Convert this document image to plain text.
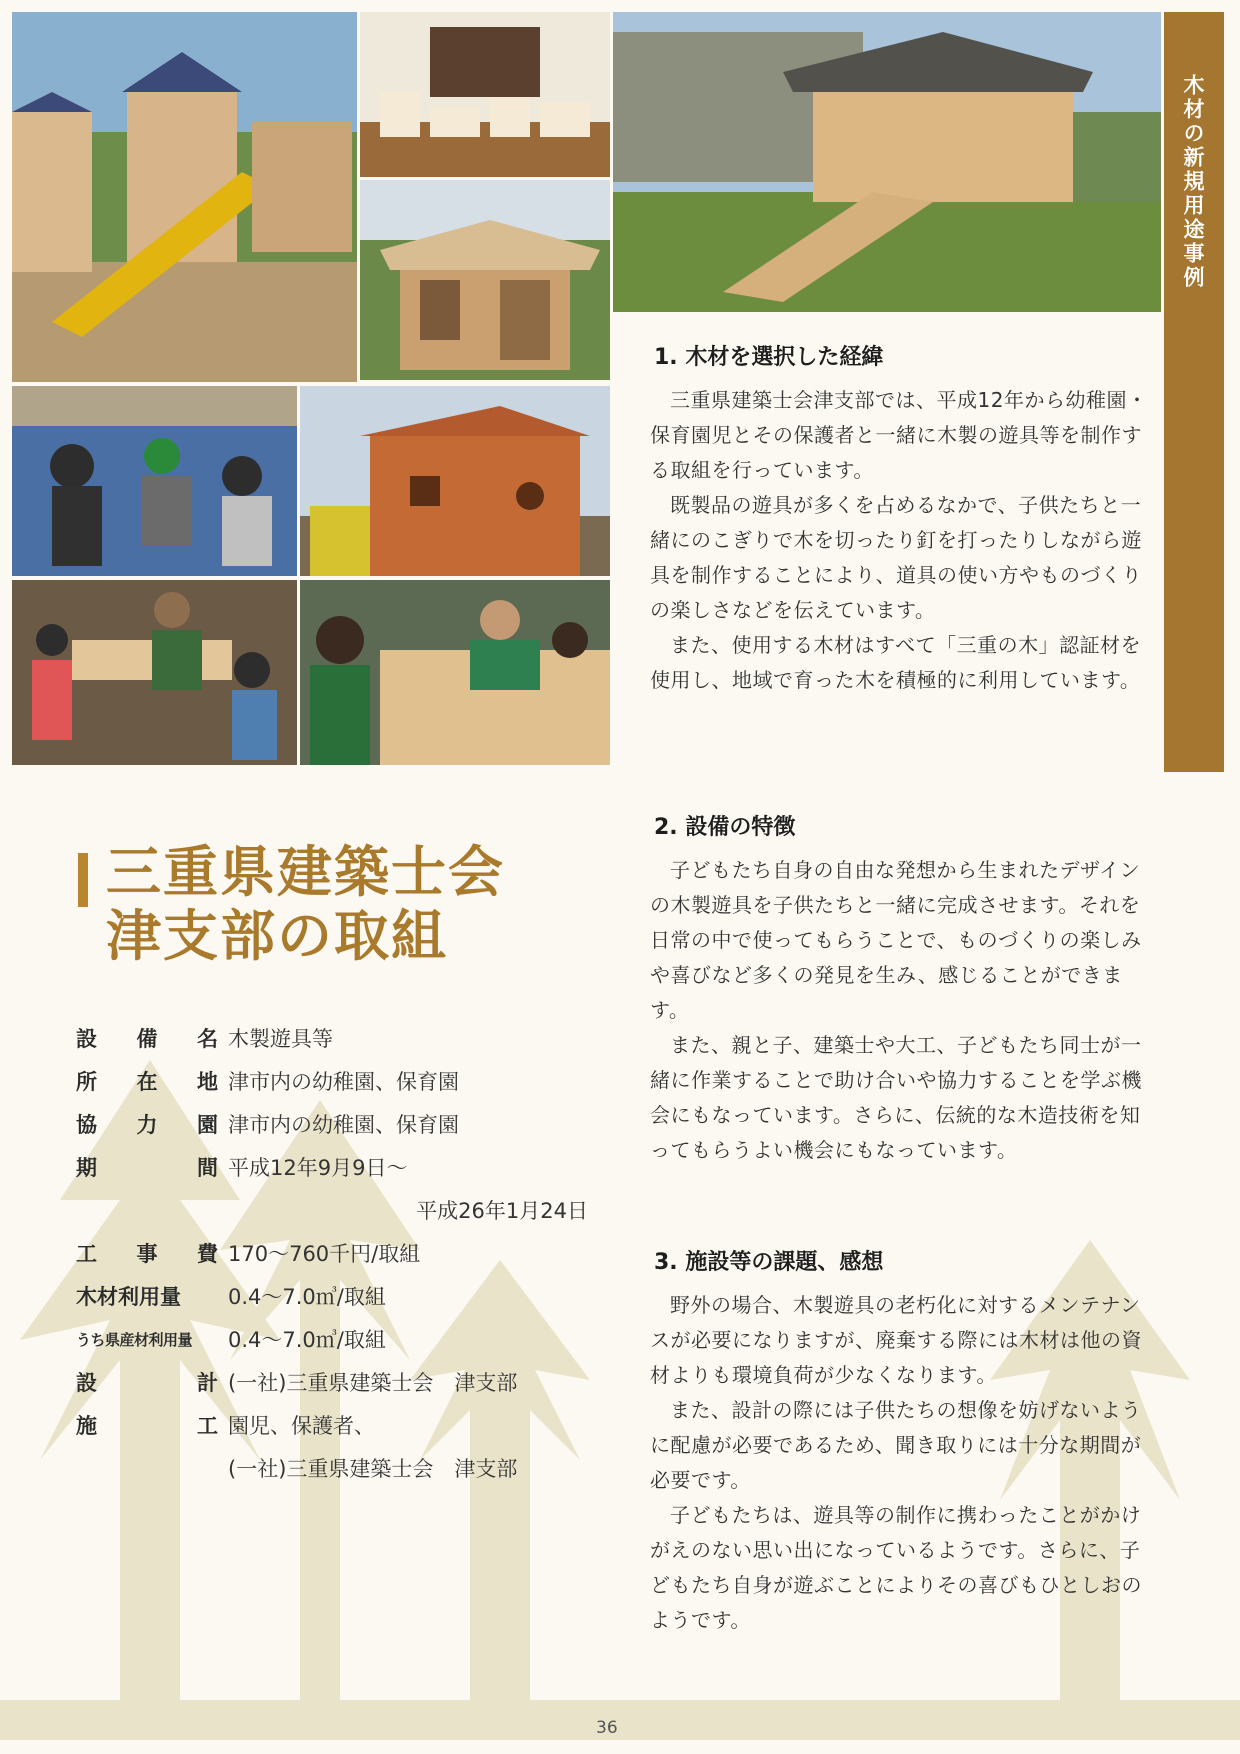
木材の新規用途事例
三重県建築士会
津支部の取組
設 備 名 木製遊具等
所 在 地 津市内の幼稚園、保育園
協 力 園 津市内の幼稚園、保育園
期	間 平成12年9月9日～
平成26年1月24日
工 事 費 170～760千円/取組
木材利用量 0.4～7.0㎥/取組
うち県産材利用量 0.4～7.0㎥/取組
設	計 (一社)三重県建築士会　津支部
施	工 園児、保護者、
(一社)三重県建築士会　津支部
1. 木材を選択した経緯

三重県建築士会津支部では、平成12年から幼稚園・保育園児とその保護者と一緒に木製の遊具等を制作する取組を行っています。

既製品の遊具が多くを占めるなかで、子供たちと一緒にのこぎりで木を切ったり釘を打ったりしながら遊具を制作することにより、道具の使い方やものづくりの楽しさなどを伝えています。

また、使用する木材はすべて「三重の木」認証材を使用し、地域で育った木を積極的に利用しています。

2. 設備の特徴

子どもたち自身の自由な発想から生まれたデザインの木製遊具を子供たちと一緒に完成させます。それを日常の中で使ってもらうことで、ものづくりの楽しみや喜びなど多くの発見を生み、感じることができます。

また、親と子、建築士や大工、子どもたち同士が一緒に作業することで助け合いや協力することを学ぶ機会にもなっています。さらに、伝統的な木造技術を知ってもらうよい機会にもなっています。

3. 施設等の課題、感想

野外の場合、木製遊具の老朽化に対するメンテナンスが必要になりますが、廃棄する際には木材は他の資材よりも環境負荷が少なくなります。

また、設計の際には子供たちの想像を妨げないように配慮が必要であるため、聞き取りには十分な期間が必要です。

子どもたちは、遊具等の制作に携わったことがかけがえのない思い出になっているようです。さらに、子どもたち自身が遊ぶことによりその喜びもひとしおのようです。

36
